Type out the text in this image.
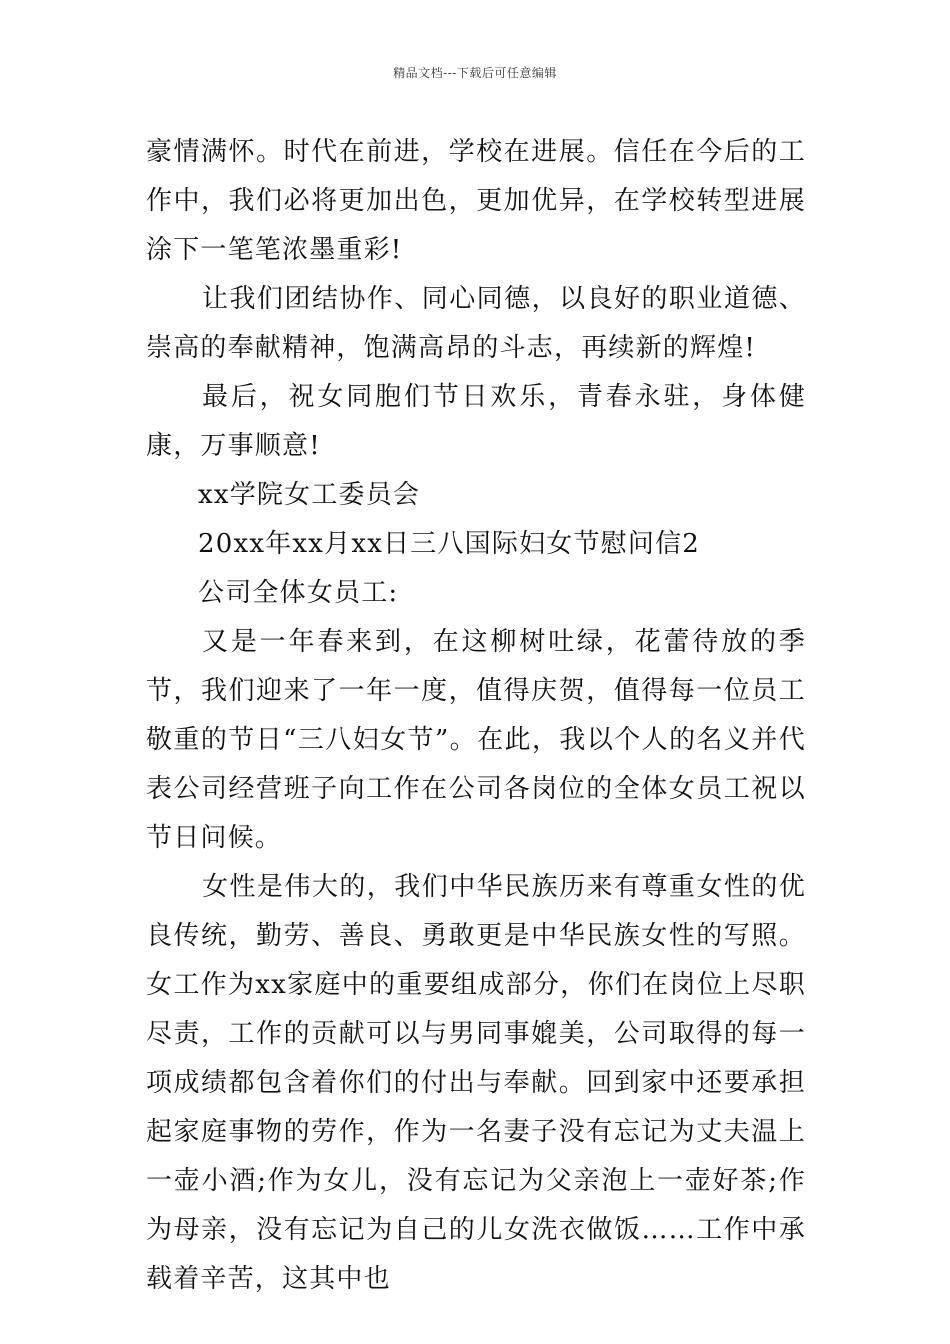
精品文档---下载后可任意编辑

豪情满怀。时代在前进，学校在进展。信任在今后的工作中，我们必将更加出色，更加优异，在学校转型进展涂下一笔笔浓墨重彩!

让我们团结协作、同心同德，以良好的职业道德、崇高的奉献精神，饱满高昂的斗志，再续新的辉煌!

最后，祝女同胞们节日欢乐，青春永驻，身体健康，万事顺意!

xx学院女工委员会

20xx年xx月xx日三八国际妇女节慰问信2

公司全体女员工:

又是一年春来到，在这柳树吐绿，花蕾待放的季节，我们迎来了一年一度，值得庆贺，值得每一位员工敬重的节日“三八妇女节”。在此，我以个人的名义并代表公司经营班子向工作在公司各岗位的全体女员工祝以节日问候。

女性是伟大的，我们中华民族历来有尊重女性的优良传统，勤劳、善良、勇敢更是中华民族女性的写照。女工作为xx家庭中的重要组成部分，你们在岗位上尽职尽责，工作的贡献可以与男同事媲美，公司取得的每一项成绩都包含着你们的付出与奉献。回到家中还要承担起家庭事物的劳作，作为一名妻子没有忘记为丈夫温上一壶小酒;作为女儿，没有忘记为父亲泡上一壶好茶;作为母亲，没有忘记为自己的儿女洗衣做饭……工作中承载着辛苦，这其中也
